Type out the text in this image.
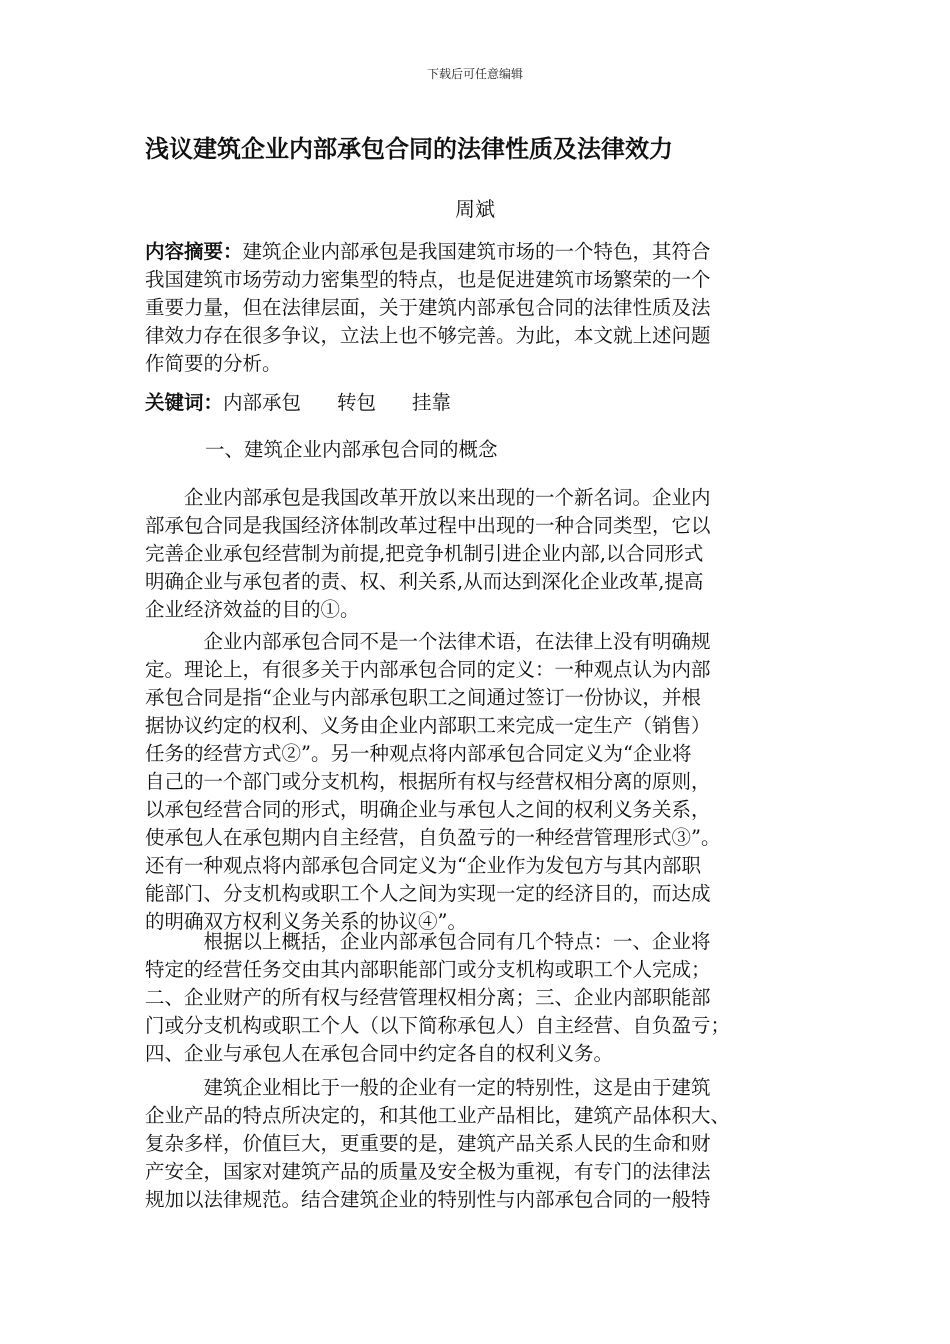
下载后可任意编辑
浅议建筑企业内部承包合同的法律性质及法律效力
周斌
内容摘要：建筑企业内部承包是我国建筑市场的一个特色，其符合
我国建筑市场劳动力密集型的特点，也是促进建筑市场繁荣的一个
重要力量，但在法律层面，关于建筑内部承包合同的法律性质及法
律效力存在很多争议，立法上也不够完善。为此，本文就上述问题
作简要的分析。
关键词：内部承包 转包 挂靠
一、建筑企业内部承包合同的概念
　　企业内部承包是我国改革开放以来出现的一个新名词。企业内
部承包合同是我国经济体制改革过程中出现的一种合同类型，它以
完善企业承包经营制为前提,把竞争机制引进企业内部,以合同形式
明确企业与承包者的责、权、利关系,从而达到深化企业改革,提高
企业经济效益的目的①。
　　　企业内部承包合同不是一个法律术语，在法律上没有明确规
定。理论上，有很多关于内部承包合同的定义：一种观点认为内部
承包合同是指“企业与内部承包职工之间通过签订一份协议，并根
据协议约定的权利、义务由企业内部职工来完成一定生产（销售）
任务的经营方式②”。另一种观点将内部承包合同定义为“企业将
自己的一个部门或分支机构，根据所有权与经营权相分离的原则，
以承包经营合同的形式，明确企业与承包人之间的权利义务关系，
使承包人在承包期内自主经营，自负盈亏的一种经营管理形式③”。
还有一种观点将内部承包合同定义为“企业作为发包方与其内部职
能部门、分支机构或职工个人之间为实现一定的经济目的，而达成
的明确双方权利义务关系的协议④”。
　　　根据以上概括，企业内部承包合同有几个特点：一、企业将
特定的经营任务交由其内部职能部门或分支机构或职工个人完成；
二、企业财产的所有权与经营管理权相分离；三、企业内部职能部
门或分支机构或职工个人（以下简称承包人）自主经营、自负盈亏；
四、企业与承包人在承包合同中约定各自的权利义务。
　　　建筑企业相比于一般的企业有一定的特别性，这是由于建筑
企业产品的特点所决定的，和其他工业产品相比，建筑产品体积大、
复杂多样，价值巨大，更重要的是，建筑产品关系人民的生命和财
产安全，国家对建筑产品的质量及安全极为重视，有专门的法律法
规加以法律规范。结合建筑企业的特别性与内部承包合同的一般特
